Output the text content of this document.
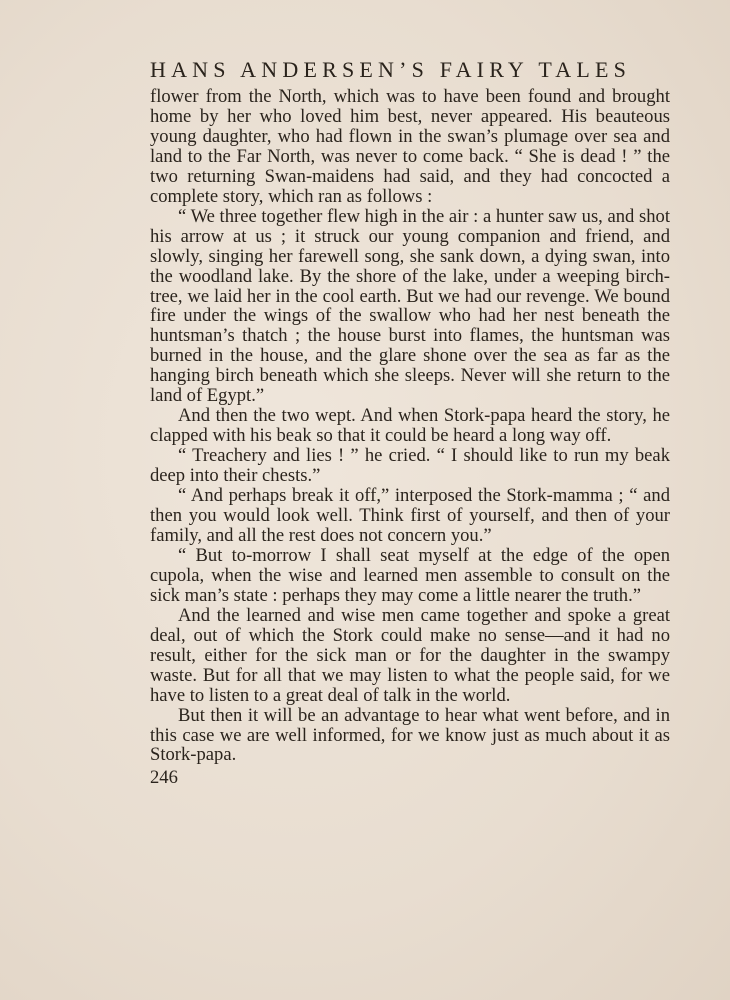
HANS ANDERSEN’S FAIRY TALES

flower from the North, which was to have been found and brought home by her who loved him best, never appeared. His beauteous young daughter, who had flown in the swan’s plumage over sea and land to the Far North, was never to come back. “ She is dead ! ” the two returning Swan-maidens had said, and they had concocted a complete story, which ran as follows :

“ We three together flew high in the air : a hunter saw us, and shot his arrow at us ; it struck our young companion and friend, and slowly, singing her farewell song, she sank down, a dying swan, into the woodland lake. By the shore of the lake, under a weeping birch-tree, we laid her in the cool earth. But we had our revenge. We bound fire under the wings of the swallow who had her nest beneath the huntsman’s thatch ; the house burst into flames, the huntsman was burned in the house, and the glare shone over the sea as far as the hanging birch beneath which she sleeps. Never will she return to the land of Egypt.”

And then the two wept. And when Stork-papa heard the story, he clapped with his beak so that it could be heard a long way off.

“ Treachery and lies ! ” he cried. “ I should like to run my beak deep into their chests.”

“ And perhaps break it off,” interposed the Stork-mamma ; “ and then you would look well. Think first of yourself, and then of your family, and all the rest does not concern you.”

“ But to-morrow I shall seat myself at the edge of the open cupola, when the wise and learned men assemble to consult on the sick man’s state : perhaps they may come a little nearer the truth.”

And the learned and wise men came together and spoke a great deal, out of which the Stork could make no sense—and it had no result, either for the sick man or for the daughter in the swampy waste. But for all that we may listen to what the people said, for we have to listen to a great deal of talk in the world.

But then it will be an advantage to hear what went before, and in this case we are well informed, for we know just as much about it as Stork-papa.

246
